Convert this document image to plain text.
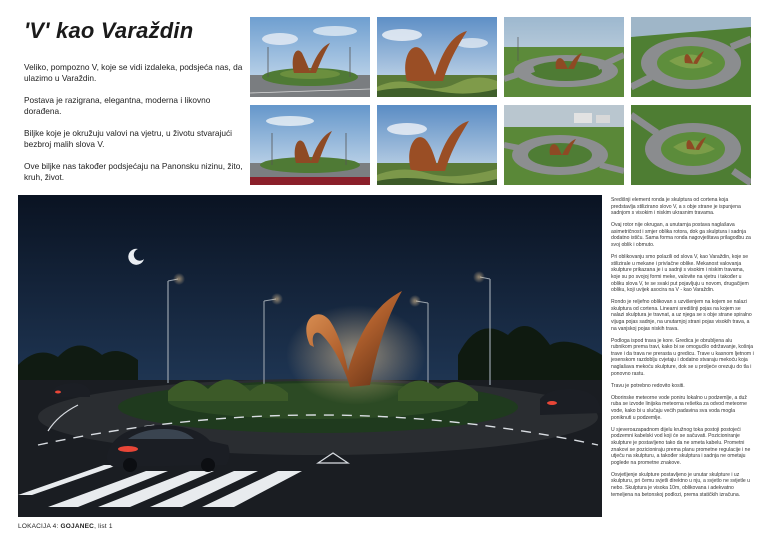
'V' kao Varaždin

Veliko, pompozno V, koje se vidi izdaleka, podsjeća nas, da ulazimo u Varaždin.

Postava je razigrana, elegantna, moderna i likovno dorađena.

Biljke koje je okružuju valovi na vjetru, u životu stvarajući bezbroj malih slova V.

Ove biljke nas također podsjećaju na Panonsku nizinu, žito, kruh, život.

Središnji element ronda je skulptura od cortena koja predstavlja stilizirano slovo V, a s obje strane je ispunjena sadnjom s visokim i niskim ukrasnim travama.

Ovaj rotor nije okrugan, a unutarnja postava naglašava asimetričnost i smjer oblika rotora, dok ga skulptura i sadnja dodatno ističu. Sama forma ronda nagovještava prilagodbu za svoj oblik i obmuto.

Pri oblikovanju smo polazili od slova V, kao Varaždin, koje se stilizirale u mekane i privlačne oblike. Mekanost valovanja skulpture prikazana je i u sadnji s visokim i niskim travama, koje su po svojoj formi meke, valovite na vjetru i također u obliku slova V, te se svaki put pojavljuju u novom, drugačijem obliku, koji uvijek asocira na V - kao Varaždin.

Rondo je reljefno oblikovan s uzvišenjem na kojem se nalazi skulptura od cortena. Linearni središnji pojas na kojem se nalazi skulptura je travnat, a uz njega se s obje strane spiralno vijuga pojas sadnje, na unutarnjoj strani pojas visokih trava, a na vanjskoj pojas niskih trava.

Podloga ispod trava je kore. Gredica je obrubljena alu rubnikom prema travi, kako bi se omogućilo održavanje, košnja trave i da trava ne prerasta u gredicu. Trave u kasnom ljetnom i jesenskom razdoblju cvjetaju i dodatno stvaraju mekoću koja naglašava mekoću skulpture, dok se u proljeće orezuju do tla i ponovno rastu.

Travu je potrebno redovito kositi.

Oborinske meteorne vode poniru lokalno u podzemlje, a duž ruba se izvode linijska meteorna rešetka za odvod meteorne vode, kako bi u slučaju većih padavina sva voda mogla poniknuti u podzemlje.

U sjeveroazapadnom dijelu kružnog toka postoji postojeći podzemni kabelski vod koji će se sačuvati. Pozicioniranje skulpture je postavljeno tako da ne smeta kabelu. Prometni znakovi se pozicioniraju prema planu prometne regulacije i ne utječu na skulpturu, a također skulptura i sadnja ne ometaju poglede na prometne znakove.

Osvjetljenje skulpture postavljeno je unutar skulpture i uz skulpturu, pri čemu svjetli direktno u nju, a svjetlo ne svijetle u nebo. Skulptura je visoka 10m, oblikovana i adekvatno temeljena na betonskoj podlozi, prema statičkih izračuna.

LOKACIJA 4: GOJANEC, list 1
